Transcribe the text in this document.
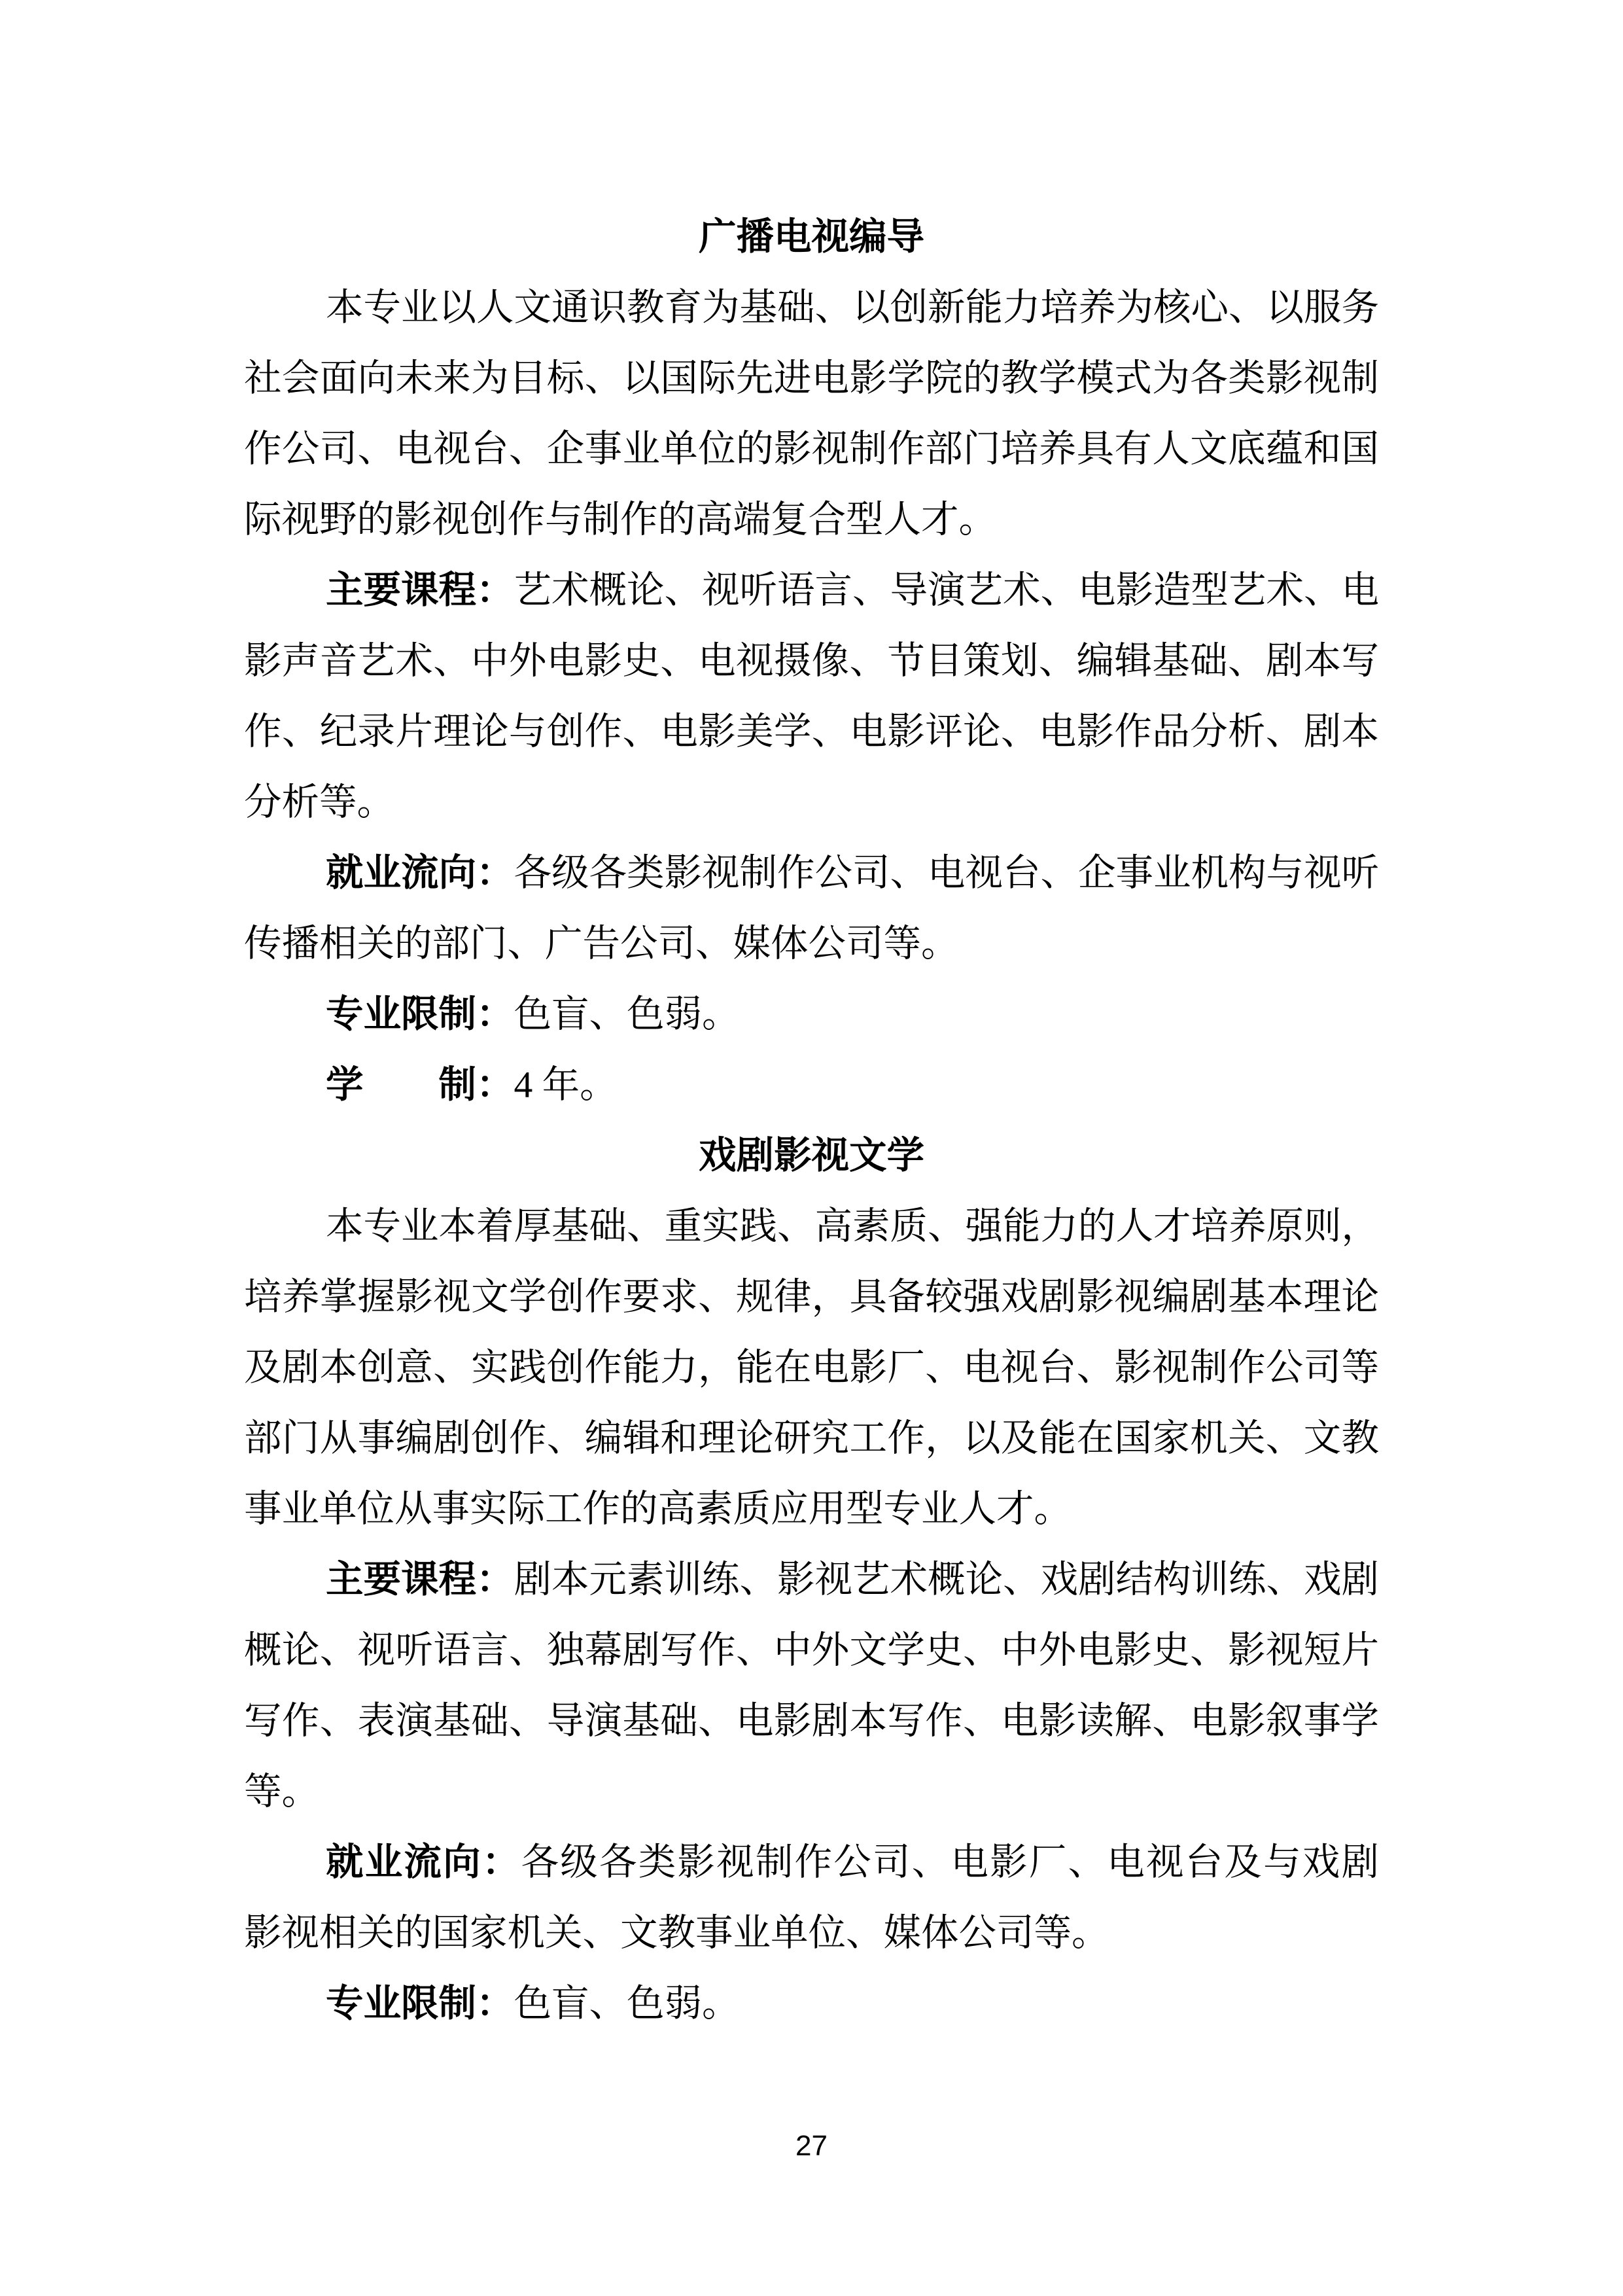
广播电视编导
本专业以人文通识教育为基础、以创新能力培养为核心、以服务
社会面向未来为目标、以国际先进电影学院的教学模式为各类影视制
作公司、电视台、企事业单位的影视制作部门培养具有人文底蕴和国
际视野的影视创作与制作的高端复合型人才。
主要课程：艺术概论、视听语言、导演艺术、电影造型艺术、电
影声音艺术、中外电影史、电视摄像、节目策划、编辑基础、剧本写
作、纪录片理论与创作、电影美学、电影评论、电影作品分析、剧本
分析等。
就业流向：各级各类影视制作公司、电视台、企事业机构与视听
传播相关的部门、广告公司、媒体公司等。
专业限制：色盲、色弱。
学　　制：4 年。
戏剧影视文学
本专业本着厚基础、重实践、高素质、强能力的人才培养原则，
培养掌握影视文学创作要求、规律，具备较强戏剧影视编剧基本理论
及剧本创意、实践创作能力，能在电影厂、电视台、影视制作公司等
部门从事编剧创作、编辑和理论研究工作，以及能在国家机关、文教
事业单位从事实际工作的高素质应用型专业人才。
主要课程：剧本元素训练、影视艺术概论、戏剧结构训练、戏剧
概论、视听语言、独幕剧写作、中外文学史、中外电影史、影视短片
写作、表演基础、导演基础、电影剧本写作、电影读解、电影叙事学
等。
就业流向：各级各类影视制作公司、电影厂、电视台及与戏剧
影视相关的国家机关、文教事业单位、媒体公司等。
专业限制：色盲、色弱。
27
